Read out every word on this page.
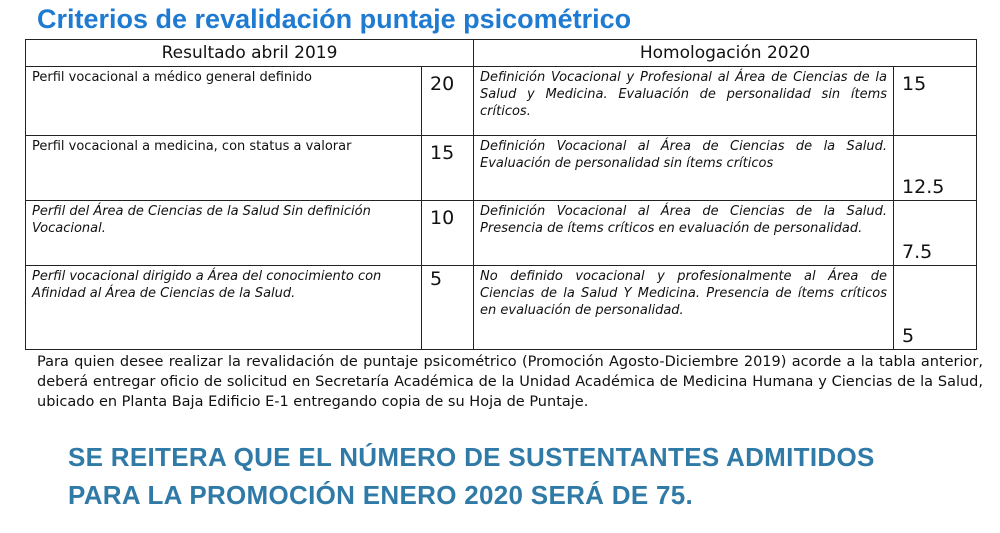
Criterios de revalidación puntaje psicométrico
Resultado abril 2019		Homologación 2020	
Perfil vocacional a médico general definido	20	Definición Vocacional y Profesional al Área de Ciencias de la Salud y Medicina. Evaluación de personalidad sin ítems críticos.	15
Perfil vocacional a medicina, con status a valorar	15	Definición Vocacional al Área de Ciencias de la Salud. Evaluación de personalidad sin ítems críticos	12.5
Perfil del Área de Ciencias de la Salud Sin definición Vocacional.	10	Definición Vocacional al Área de Ciencias de la Salud. Presencia de ítems críticos en evaluación de personalidad.	7.5
Perfil vocacional dirigido a Área del conocimiento con Afinidad al Área de Ciencias de la Salud.	5	No definido vocacional y profesionalmente al Área de Ciencias de la Salud Y Medicina. Presencia de ítems críticos en evaluación de personalidad.	5
Para quien desee realizar la revalidación de puntaje psicométrico (Promoción Agosto-Diciembre 2019) acorde a la tabla anterior, deberá entregar oficio de solicitud en Secretaría Académica de la Unidad Académica de Medicina Humana y Ciencias de la Salud, ubicado en Planta Baja Edificio E-1 entregando copia de su Hoja de Puntaje.
SE REITERA QUE EL NÚMERO DE SUSTENTANTES ADMITIDOS
PARA LA PROMOCIÓN ENERO 2020 SERÁ DE 75.
